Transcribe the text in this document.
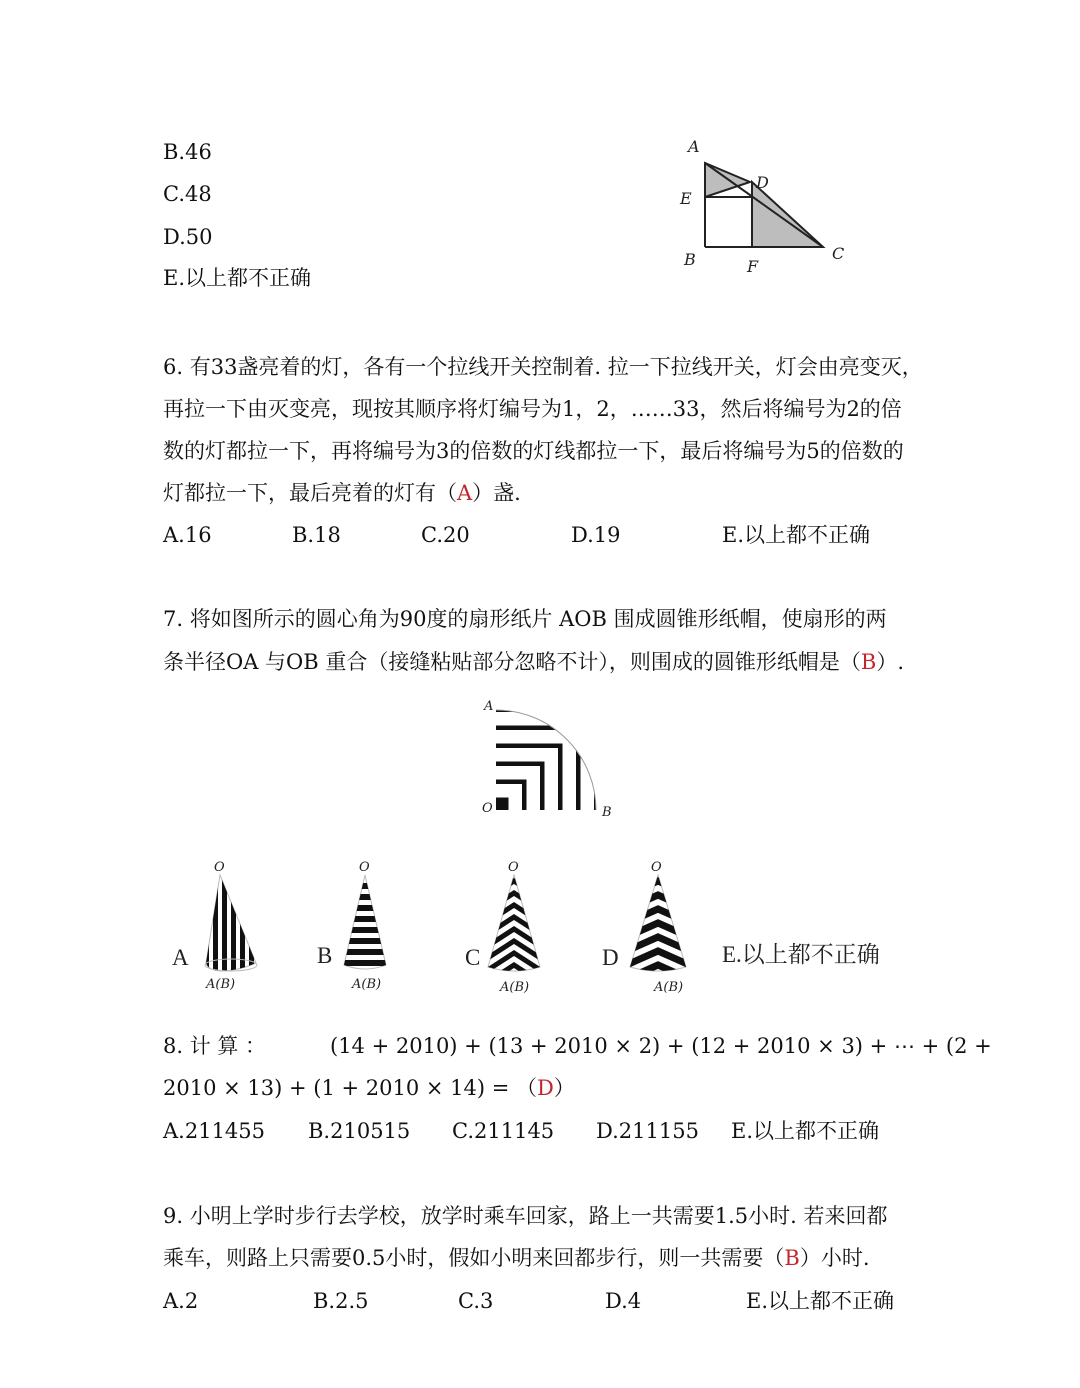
B.46
C.48
D.50
E.以上都不正确
A
D
E
B	F
C
6. 有33盏亮着的灯，各有一个拉线开关控制着. 拉一下拉线开关，灯会由亮变灭，
再拉一下由灭变亮，现按其顺序将灯编号为1，2，……33，然后将编号为2的倍
数的灯都拉一下，再将编号为3的倍数的灯线都拉一下，最后将编号为5的倍数的
灯都拉一下，最后亮着的灯有（A）盏.
A.16	B.18	C.20	D.19	E.以上都不正确
7. 将如图所示的圆心角为90度的扇形纸片 AOB 围成圆锥形纸帽，使扇形的两
条半径OA 与OB 重合（接缝粘贴部分忽略不计），则围成的圆锥形纸帽是（B）.
A
O	B
O	O	O	O
A	B	C	D
A(B)	A(B)	A(B)	A(B)
E.以上都不正确
8. 计 算 ：	(14 + 2010) + (13 + 2010 × 2) + (12 + 2010 × 3) + ⋯ + (2 +
2010 × 13) + (1 + 2010 × 14) = （D）
A.211455 B.210515 C.211145 D.211155 E.以上都不正确
9. 小明上学时步行去学校，放学时乘车回家，路上一共需要1.5小时. 若来回都
乘车，则路上只需要0.5小时，假如小明来回都步行，则一共需要（B）小时.
A.2	B.2.5	C.3	D.4	E.以上都不正确
